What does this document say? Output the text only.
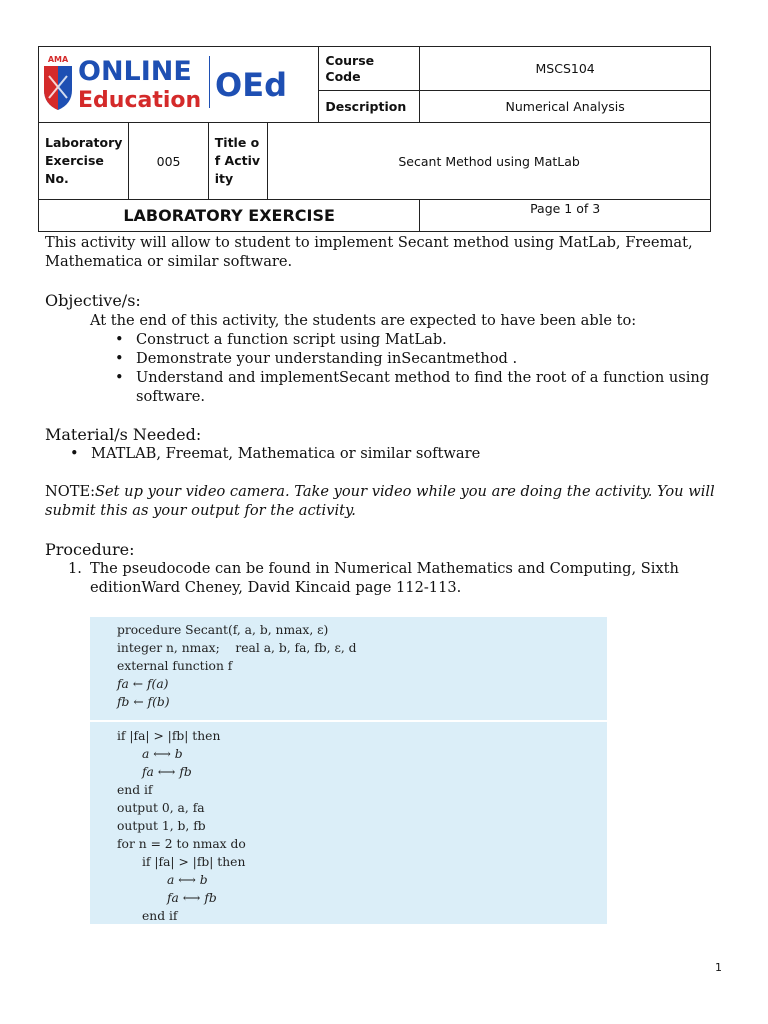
				Course Code	MSCS104
				Description	Numerical Analysis
Laboratory Exercise No.	005	Title of Activity	Secant Method using MatLab		
LABORATORY EXERCISE					Page 1 of 3
AMA ONLINE
Education OEd
This activity will allow to student to implement Secant method using MatLab, Freemat, Mathematica or similar software.
Objective/s:
At the end of this activity, the students are expected to have been able to:
• Construct a function script using MatLab.
• Demonstrate your understanding inSecantmethod .
• Understand and implementSecant method to find the root of a function using software.
Material/s Needed:
• MATLAB, Freemat, Mathematica or similar software
NOTE:Set up your video camera. Take your video while you are doing the activity. You will submit this as your output for the activity.
Procedure:
1. The pseudocode can be found in Numerical Mathematics and Computing, Sixth editionWard Cheney, David Kincaid page 112-113.
procedure Secant(f, a, b, nmax, ε)
integer n, nmax;    real a, b, fa, fb, ε, d
external function f
fa ← f(a)
fb ← f(b)
if |fa| > |fb| then
a ⟷ b
fa ⟷ fb
end if
output 0, a, fa
output 1, b, fb
for n = 2 to nmax do
if |fa| > |fb| then
a ⟷ b
fa ⟷ fb
end if
1
